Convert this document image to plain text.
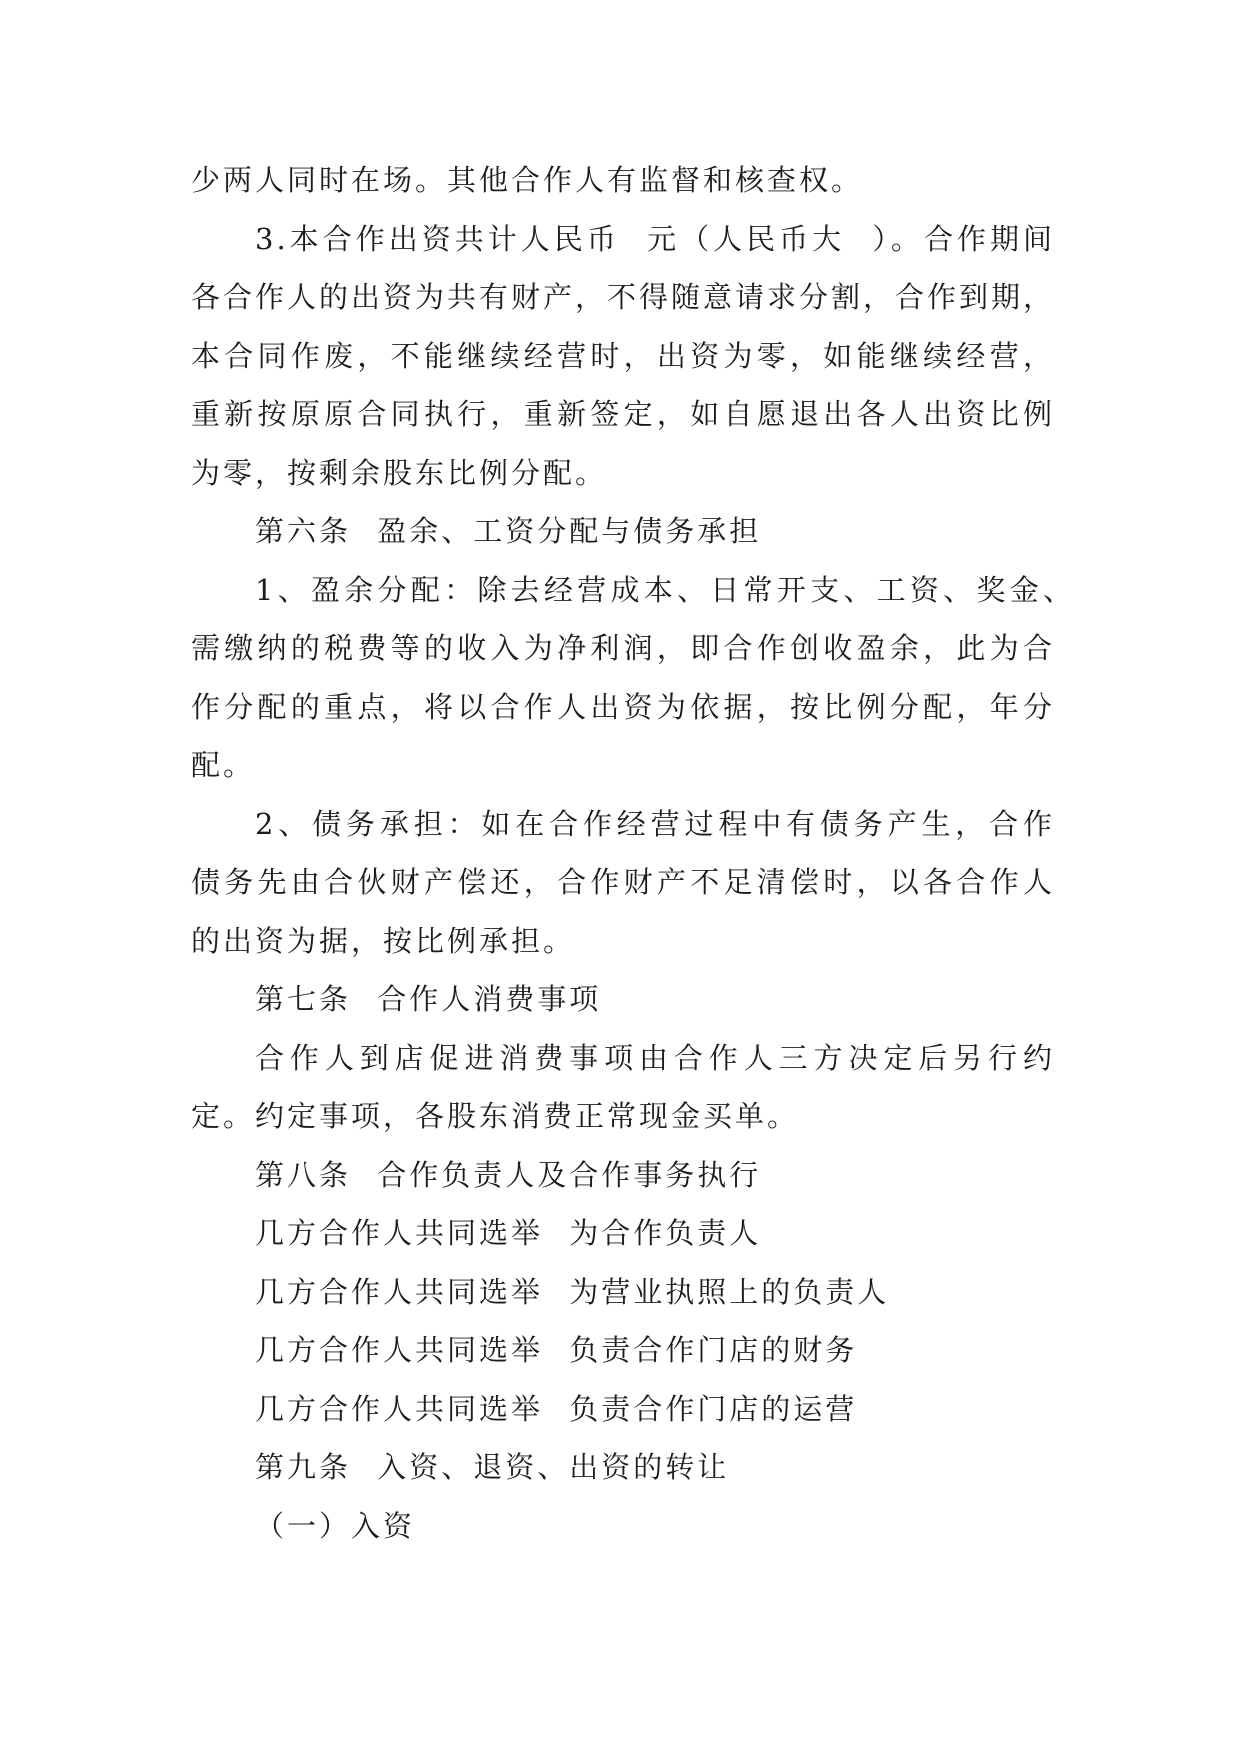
少两人同时在场。其他合作人有监督和核查权。
3.本合作出资共计人民币 元（人民币大 ）。合作期间
各合作人的出资为共有财产，不得随意请求分割，合作到期，
本合同作废，不能继续经营时，出资为零，如能继续经营，
重新按原原合同执行，重新签定，如自愿退出各人出资比例
为零，按剩余股东比例分配。
第六条 盈余、工资分配与债务承担
1、盈余分配：除去经营成本、日常开支、工资、奖金、
需缴纳的税费等的收入为净利润，即合作创收盈余，此为合
作分配的重点，将以合作人出资为依据，按比例分配，年分
配。
2、债务承担：如在合作经营过程中有债务产生，合作
债务先由合伙财产偿还，合作财产不足清偿时，以各合作人
的出资为据，按比例承担。
第七条 合作人消费事项
合作人到店促进消费事项由合作人三方决定后另行约
定。约定事项，各股东消费正常现金买单。
第八条 合作负责人及合作事务执行
几方合作人共同选举 为合作负责人
几方合作人共同选举 为营业执照上的负责人
几方合作人共同选举 负责合作门店的财务
几方合作人共同选举 负责合作门店的运营
第九条 入资、退资、出资的转让
（一）入资
